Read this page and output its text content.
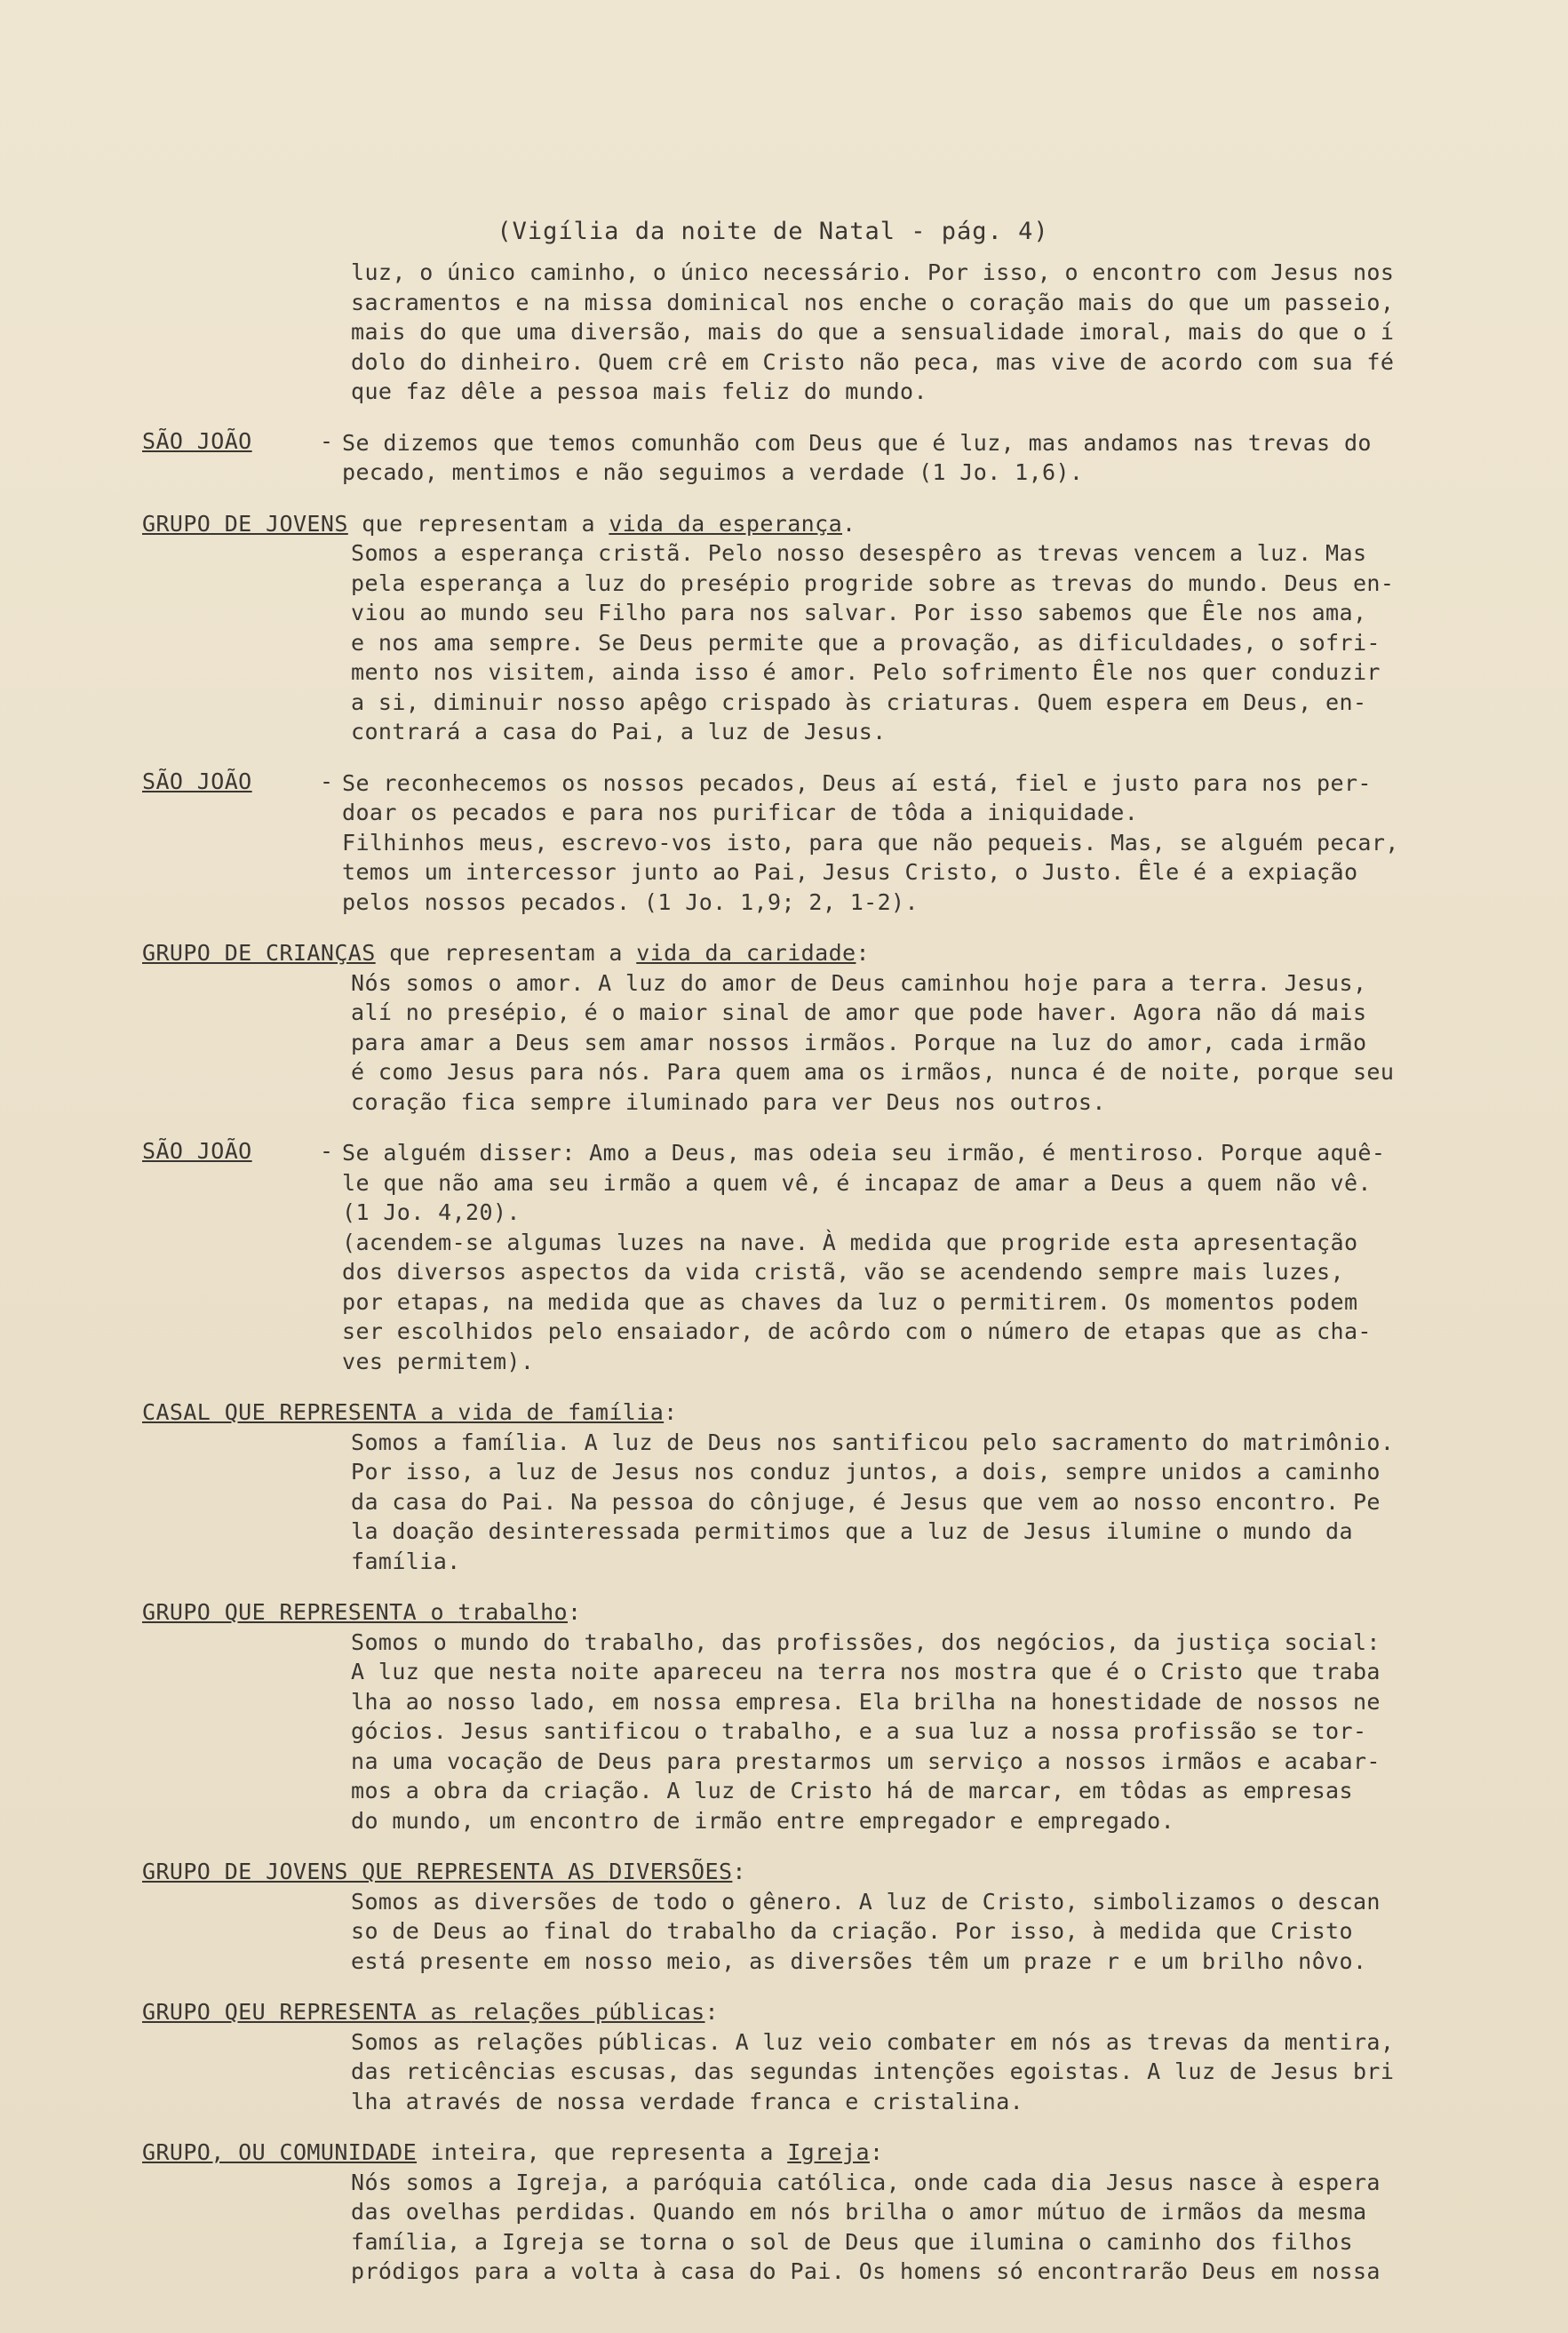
(Vigília da noite de Natal - pág. 4)
luz, o único caminho, o único necessário. Por isso, o encontro com Jesus nos
sacramentos e na missa dominical nos enche o coração mais do que um passeio,
mais do que uma diversão, mais do que a sensualidade imoral, mais do que o í
dolo do dinheiro. Quem crê em Cristo não peca, mas vive de acordo com sua fé
que faz dêle a pessoa mais feliz do mundo.
SÃO JOÃO	- Se dizemos que temos comunhão com Deus que é luz, mas andamos nas trevas do
pecado, mentimos e não seguimos a verdade (1 Jo. 1,6).
GRUPO DE JOVENS que representam a vida da esperança.
Somos a esperança cristã. Pelo nosso desespêro as trevas vencem a luz. Mas
pela esperança a luz do presépio progride sobre as trevas do mundo. Deus en-
viou ao mundo seu Filho para nos salvar. Por isso sabemos que Êle nos ama,
e nos ama sempre. Se Deus permite que a provação, as dificuldades, o sofri-
mento nos visitem, ainda isso é amor. Pelo sofrimento Êle nos quer conduzir
a si, diminuir nosso apêgo crispado às criaturas. Quem espera em Deus, en-
contrará a casa do Pai, a luz de Jesus.
SÃO JOÃO	- Se reconhecemos os nossos pecados, Deus aí está, fiel e justo para nos per-
doar os pecados e para nos purificar de tôda a iniquidade.
Filhinhos meus, escrevo-vos isto, para que não pequeis. Mas, se alguém pecar,
temos um intercessor junto ao Pai, Jesus Cristo, o Justo. Êle é a expiação
pelos nossos pecados. (1 Jo. 1,9; 2, 1-2).
GRUPO DE CRIANÇAS que representam a vida da caridade:
Nós somos o amor. A luz do amor de Deus caminhou hoje para a terra. Jesus,
alí no presépio, é o maior sinal de amor que pode haver. Agora não dá mais
para amar a Deus sem amar nossos irmãos. Porque na luz do amor, cada irmão
é como Jesus para nós. Para quem ama os irmãos, nunca é de noite, porque seu
coração fica sempre iluminado para ver Deus nos outros.
SÃO JOÃO	- Se alguém disser: Amo a Deus, mas odeia seu irmão, é mentiroso. Porque aquê-
le que não ama seu irmão a quem vê, é incapaz de amar a Deus a quem não vê.
(1 Jo. 4,20).
(acendem-se algumas luzes na nave. À medida que progride esta apresentação
dos diversos aspectos da vida cristã, vão se acendendo sempre mais luzes,
por etapas, na medida que as chaves da luz o permitirem. Os momentos podem
ser escolhidos pelo ensaiador, de acôrdo com o número de etapas que as cha-
ves permitem).
CASAL QUE REPRESENTA a vida de família:
Somos a família. A luz de Deus nos santificou pelo sacramento do matrimônio.
Por isso, a luz de Jesus nos conduz juntos, a dois, sempre unidos a caminho
da casa do Pai. Na pessoa do cônjuge, é Jesus que vem ao nosso encontro. Pe
la doação desinteressada permitimos que a luz de Jesus ilumine o mundo da
família.
GRUPO QUE REPRESENTA o trabalho:
Somos o mundo do trabalho, das profissões, dos negócios, da justiça social:
A luz que nesta noite apareceu na terra nos mostra que é o Cristo que traba
lha ao nosso lado, em nossa empresa. Ela brilha na honestidade de nossos ne
gócios. Jesus santificou o trabalho, e a sua luz a nossa profissão se tor-
na uma vocação de Deus para prestarmos um serviço a nossos irmãos e acabar-
mos a obra da criação. A luz de Cristo há de marcar, em tôdas as empresas
do mundo, um encontro de irmão entre empregador e empregado.
GRUPO DE JOVENS QUE REPRESENTA AS DIVERSÕES:
Somos as diversões de todo o gênero. A luz de Cristo, simbolizamos o descan
so de Deus ao final do trabalho da criação. Por isso, à medida que Cristo
está presente em nosso meio, as diversões têm um praze r e um brilho nôvo.
GRUPO QEU REPRESENTA as relações públicas:
Somos as relações públicas. A luz veio combater em nós as trevas da mentira,
das reticências escusas, das segundas intenções egoistas. A luz de Jesus bri
lha através de nossa verdade franca e cristalina.
GRUPO, OU COMUNIDADE inteira, que representa a Igreja:
Nós somos a Igreja, a paróquia católica, onde cada dia Jesus nasce à espera
das ovelhas perdidas. Quando em nós brilha o amor mútuo de irmãos da mesma
família, a Igreja se torna o sol de Deus que ilumina o caminho dos filhos
pródigos para a volta à casa do Pai. Os homens só encontrarão Deus em nossa
